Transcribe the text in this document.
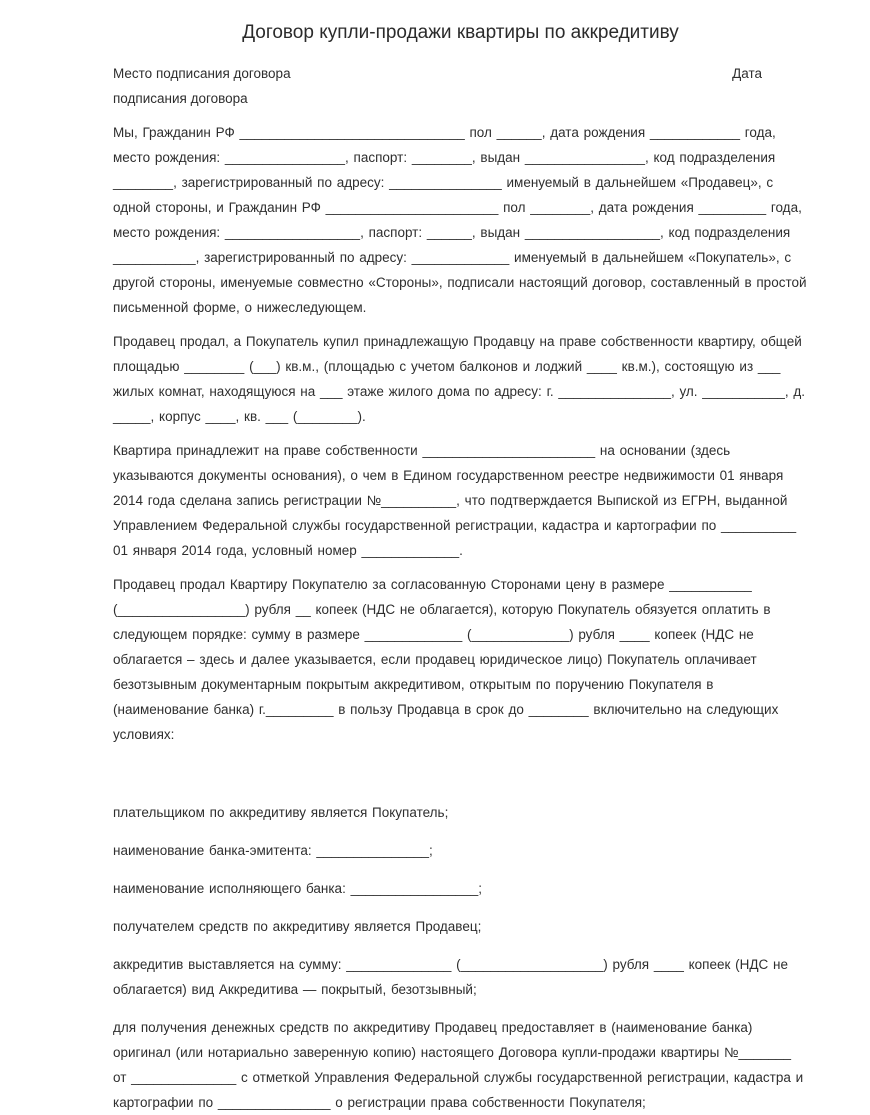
Договор купли-продажи квартиры по аккредитиву
Место подписания договора	Дата
подписания договора

Мы, Гражданин РФ ______________________________ пол ______, дата рождения ____________ года, место рождения: ________________, паспорт: ________, выдан ________________, код подразделения ________, зарегистрированный по адресу: _______________ именуемый в дальнейшем «Продавец», с одной стороны, и Гражданин РФ _______________________ пол ________, дата рождения _________ года, место рождения: __________________, паспорт: ______, выдан __________________, код подразделения ___________, зарегистрированный по адресу: _____________ именуемый в дальнейшем «Покупатель», с другой стороны, именуемые совместно «Стороны», подписали настоящий договор, составленный в простой письменной форме, о нижеследующем.

Продавец продал, а Покупатель купил принадлежащую Продавцу на праве собственности квартиру, общей площадью ________ (___) кв.м., (площадью с учетом балконов и лоджий ____ кв.м.), состоящую из ___ жилых комнат, находящуюся на ___ этаже жилого дома по адресу: г. _______________, ул. ___________, д. _____, корпус ____, кв. ___ (________).

Квартира принадлежит на праве собственности _______________________ на основании (здесь указываются документы основания), о чем в Едином государственном реестре недвижимости 01 января 2014 года сделана запись регистрации №__________, что подтверждается Выпиской из ЕГРН, выданной Управлением Федеральной службы государственной регистрации, кадастра и картографии по __________ 01 января 2014 года, условный номер _____________.

Продавец продал Квартиру Покупателю за согласованную Сторонами цену в размере ___________ (_________________) рубля __ копеек (НДС не облагается), которую Покупатель обязуется оплатить в следующем порядке: сумму в размере _____________ (_____________) рубля ____ копеек (НДС не облагается – здесь и далее указывается, если продавец юридическое лицо) Покупатель оплачивает безотзывным документарным покрытым аккредитивом, открытым по поручению Покупателя в (наименование банка) г._________ в пользу Продавца в срок до ________ включительно на следующих условиях:

плательщиком по аккредитиву является Покупатель;

наименование банка-эмитента: _______________;

наименование исполняющего банка: _________________;

получателем средств по аккредитиву является Продавец;

аккредитив выставляется на сумму: ______________ (___________________) рубля ____ копеек (НДС не облагается) вид Аккредитива — покрытый, безотзывный;

для получения денежных средств по аккредитиву Продавец предоставляет в (наименование банка) оригинал (или нотариально заверенную копию) настоящего Договора купли-продажи квартиры №_______ от ______________ с отметкой Управления Федеральной службы государственной регистрации, кадастра и картографии по _______________ о регистрации права собственности Покупателя;
